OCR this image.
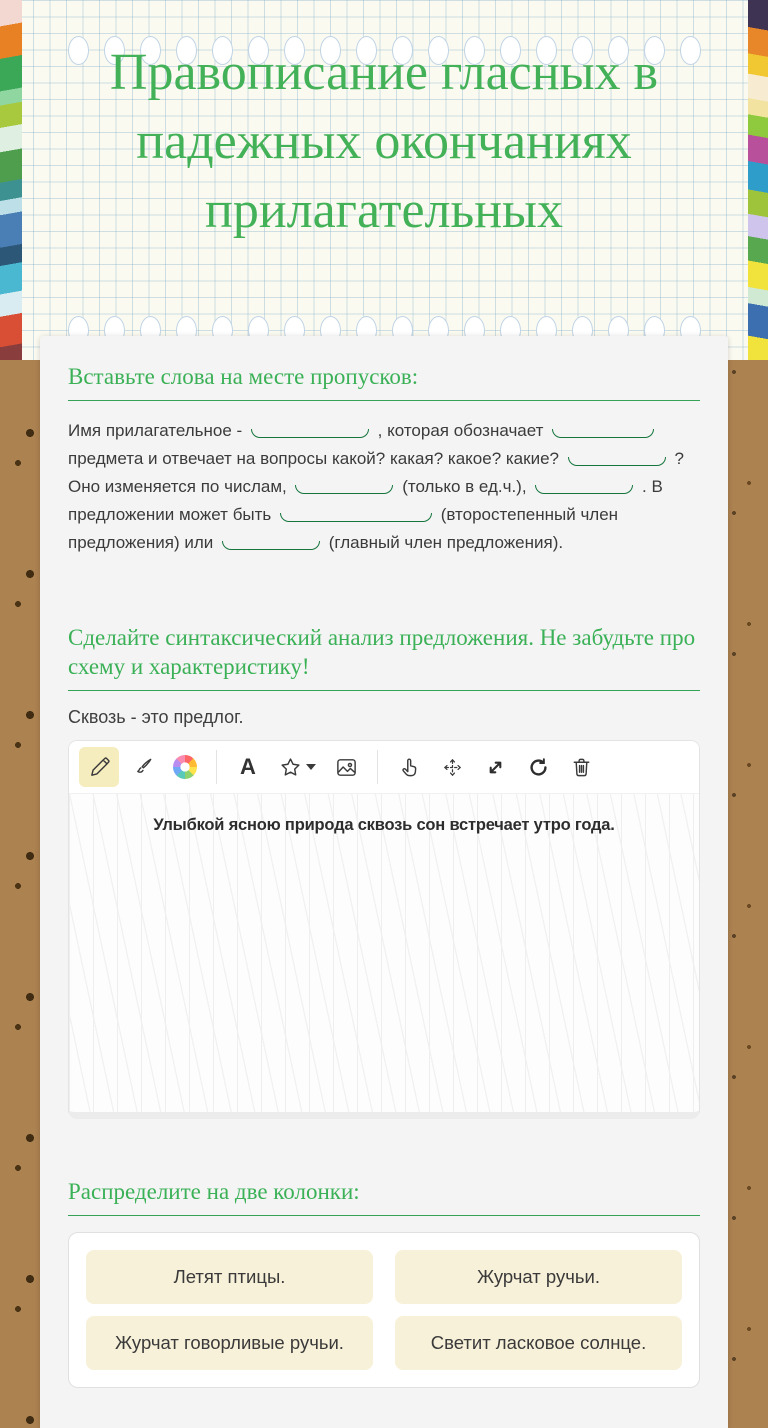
Правописание гласных в падежных окончаниях прилагательных
Вставьте слова на месте пропусков:

Имя прилагательное -	, которая обозначает  предмета и отвечает на вопросы какой? какая? какое? какие?	? Оно изменяется по числам,	(только в ед.ч.),	. В предложении может быть	(второстепенный член предложения) или	(главный член предложения).

Сделайте синтаксический анализ предложения. Не забудьте про схему и характеристику!

Сквозь - это предлог.

A
Улыбкой ясною природа сквозь сон встречает утро года.
Распределите на две колонки:
Летят птицы.	Журчат ручьи.
Журчат говорливые ручьи.	Светит ласковое солнце.
